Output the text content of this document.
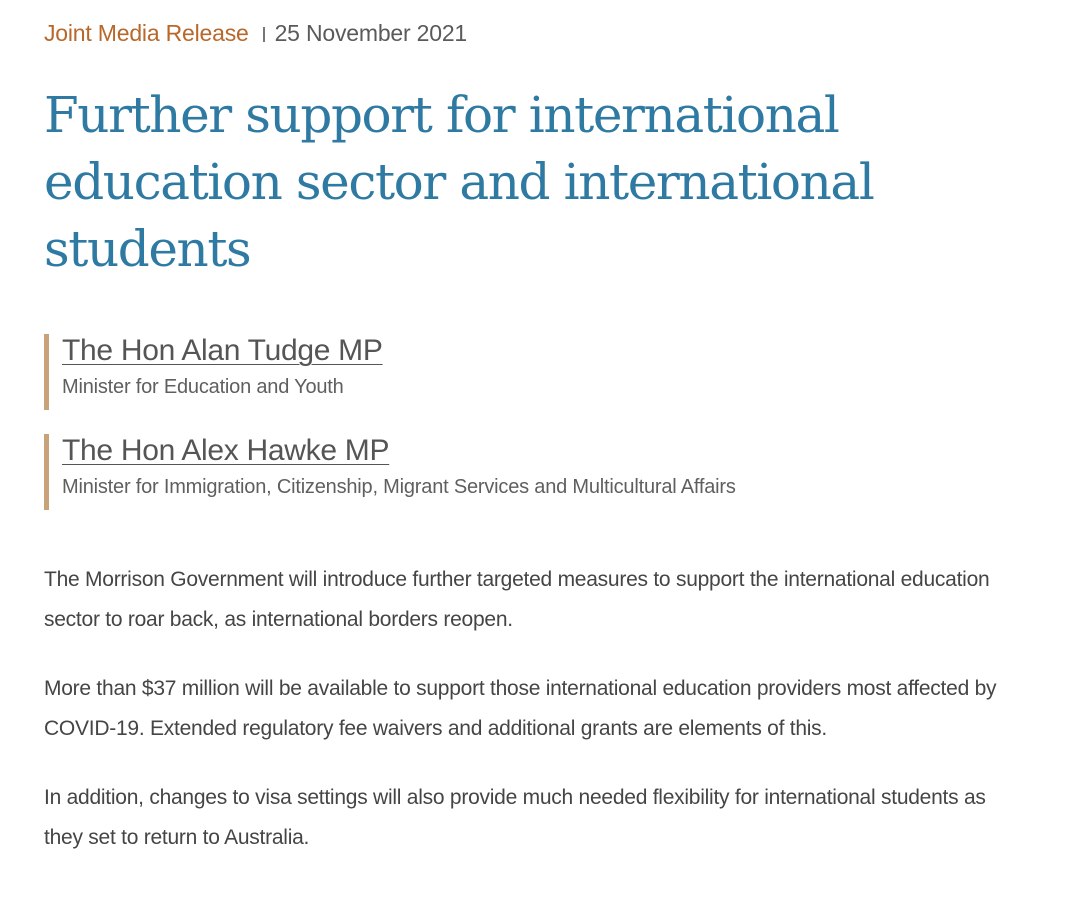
Joint Media Release 25 November 2021
Further support for international education sector and international students
The Hon Alan Tudge MP
Minister for Education and Youth
The Hon Alex Hawke MP
Minister for Immigration, Citizenship, Migrant Services and Multicultural Affairs

The Morrison Government will introduce further targeted measures to support the international education sector to roar back, as international borders reopen.

More than $37 million will be available to support those international education providers most affected by COVID-19. Extended regulatory fee waivers and additional grants are elements of this.

In addition, changes to visa settings will also provide much needed flexibility for international students as they set to return to Australia.
